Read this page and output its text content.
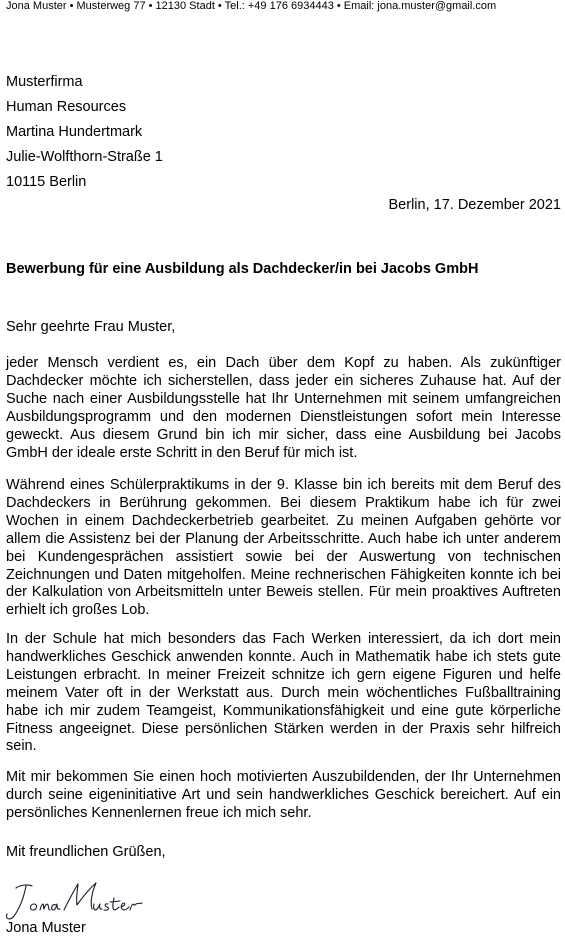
Jona Muster • Musterweg 77 • 12130 Stadt • Tel.: +49 176 6934443 • Email: jona.muster@gmail.com
Musterfirma
Human Resources
Martina Hundertmark
Julie-Wolfthorn-Straße 1
10115 Berlin
Berlin, 17. Dezember 2021
Bewerbung für eine Ausbildung als Dachdecker/in bei Jacobs GmbH
Sehr geehrte Frau Muster,
jeder Mensch verdient es, ein Dach über dem Kopf zu haben. Als zukünftiger Dachdecker möchte ich sicherstellen, dass jeder ein sicheres Zuhause hat. Auf der Suche nach einer Ausbildungsstelle hat Ihr Unternehmen mit seinem umfangreichen Ausbildungsprogramm und den modernen Dienstleistungen sofort mein Interesse geweckt. Aus diesem Grund bin ich mir sicher, dass eine Ausbildung bei Jacobs GmbH der ideale erste Schritt in den Beruf für mich ist.
Während eines Schülerpraktikums in der 9. Klasse bin ich bereits mit dem Beruf des Dachdeckers in Berührung gekommen. Bei diesem Praktikum habe ich für zwei Wochen in einem Dachdeckerbetrieb gearbeitet. Zu meinen Aufgaben gehörte vor allem die Assistenz bei der Planung der Arbeitsschritte. Auch habe ich unter anderem bei Kundengesprächen assistiert sowie bei der Auswertung von technischen Zeichnungen und Daten mitgeholfen. Meine rechnerischen Fähigkeiten konnte ich bei der Kalkulation von Arbeitsmitteln unter Beweis stellen. Für mein proaktives Auftreten erhielt ich großes Lob.
In der Schule hat mich besonders das Fach Werken interessiert, da ich dort mein handwerkliches Geschick anwenden konnte. Auch in Mathematik habe ich stets gute Leistungen erbracht. In meiner Freizeit schnitze ich gern eigene Figuren und helfe meinem Vater oft in der Werkstatt aus. Durch mein wöchentliches Fußballtraining habe ich mir zudem Teamgeist, Kommunikationsfähigkeit und eine gute körperliche Fitness angeeignet. Diese persönlichen Stärken werden in der Praxis sehr hilfreich sein.
Mit mir bekommen Sie einen hoch motivierten Auszubildenden, der Ihr Unternehmen durch seine eigeninitiative Art und sein handwerkliches Geschick bereichert. Auf ein persönliches Kennenlernen freue ich mich sehr.
Mit freundlichen Grüßen,
Jona Muster
